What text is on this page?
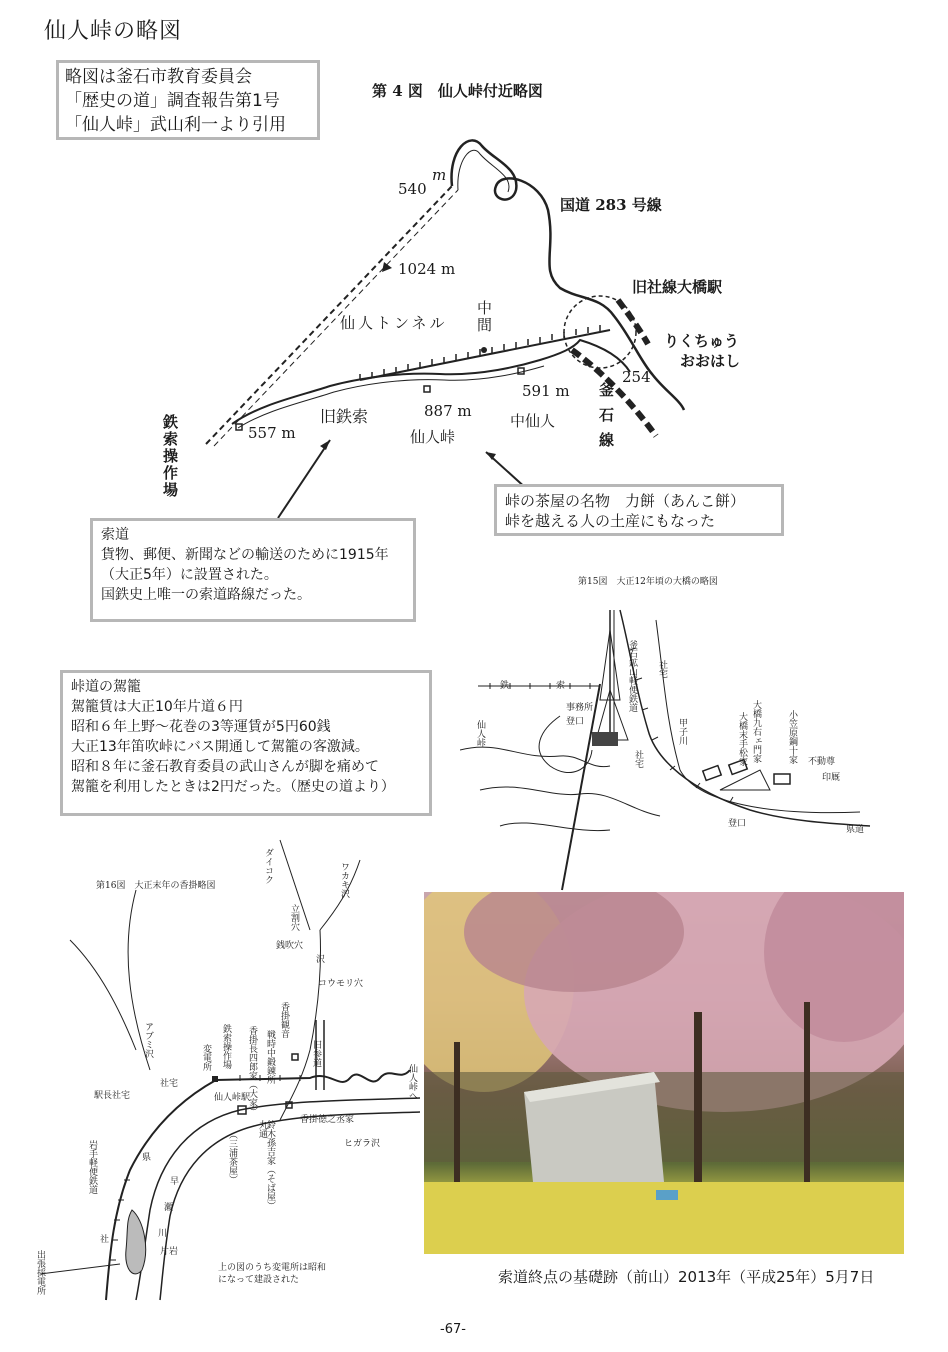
仙人峠の略図
略図は釜石市教育委員会
「歴史の道」調査報告第1号
「仙人峠」武山利一より引用
第 4 図　仙人峠付近略図
540
m
1024 m
国道 283 号線
旧社線大橋駅
りくちゅう
おおはし
仙人トンネル 中間
釜石線
254
591 m
中仙人
887 m
仙人峠
旧鉄索
557 m
鉄索操作場
峠の茶屋の名物　力餅（あんこ餅）
峠を越える人の土産にもなった
索道
貨物、郵便、新聞などの輸送のために1915年
（大正5年）に設置された。
国鉄史上唯一の索道路線だった。
第15図　大正12年頃の大橋の略図
鉄	索
事務所
登口
仙人峠
釜石鉱山軽便鉄道 社宅
社宅
甲子川	大橋九右ェ門家
大橋末手松家	小笠原鋼十家 不動尊
印厩
登口
県道
峠道の駕籠
駕籠賃は大正10年片道６円
昭和６年上野～花巻の3等運賃が5円60銭
大正13年笛吹峠にバス開通して駕籠の客激減。
昭和８年に釜石教育委員の武山さんが脚を痛めて
駕籠を利用したときは2円だった。（歴史の道より）
第16図　大正末年の香掛略図
ダイコク	ワカキ沢
立割穴
銭吹穴
沢
コウモリ穴
香掛観音
戦時中鍛錬所
香掛長四郎家（大家）	旧参道
アブミ沢	鉄索操作場
変電所
社宅
駅長社宅	仙人峠駅	仙人峠へ
香掛徳之丞家
ヒガラ沢
丸通
鈴木孫吉家（そば屋）
（三浦茶屋）
岩手軽便鉄道	県
早
瀬
川
片岩
社
出張採電所	上の図のうち変電所は昭和になって建設された	索道終点の基礎跡（前山）2013年（平成25年）5月7日
-67-
